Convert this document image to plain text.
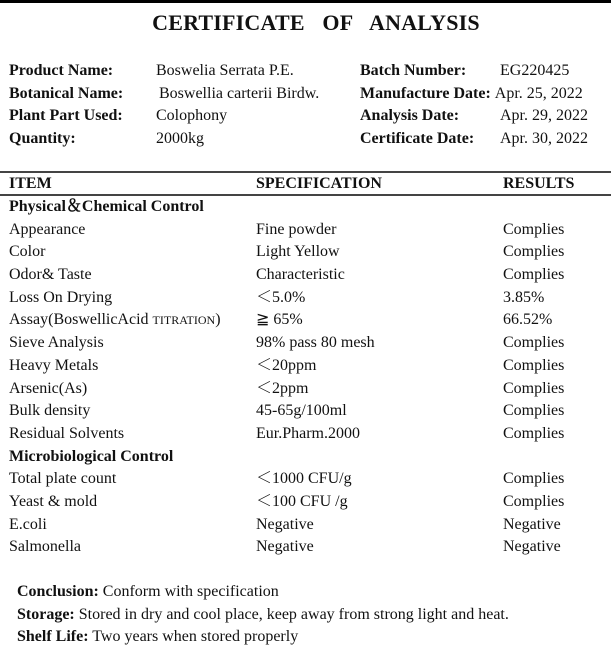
CERTIFICATE OF ANALYSIS
Product Name:	Boswelia Serrata P.E.
Botanical Name:	Boswellia carterii Birdw.
Plant Part Used:	Colophony
Quantity:	2000kg
Batch Number:	EG220425
Manufacture Date: Apr. 25, 2022
Analysis Date:	Apr. 29, 2022
Certificate Date:	Apr. 30, 2022
ITEM	SPECIFICATION	RESULTS
Physical＆Chemical Control
Appearance	Fine powder	Complies
Color	Light Yellow	Complies
Odor& Taste	Characteristic	Complies
Loss On Drying	＜5.0%	3.85%
Assay(BoswellicAcid TITRATION)	≧ 65%	66.52%
Sieve Analysis	98% pass 80 mesh	Complies
Heavy Metals	＜20ppm	Complies
Arsenic(As)	＜2ppm	Complies
Bulk density	45-65g/100ml	Complies
Residual Solvents	Eur.Pharm.2000	Complies
Microbiological Control
Total plate count	＜1000 CFU/g	Complies
Yeast & mold	＜100 CFU /g	Complies
E.coli	Negative	Negative
Salmonella	Negative	Negative
Conclusion: Conform with specification
Storage: Stored in dry and cool place, keep away from strong light and heat.
Shelf Life: Two years when stored properly
